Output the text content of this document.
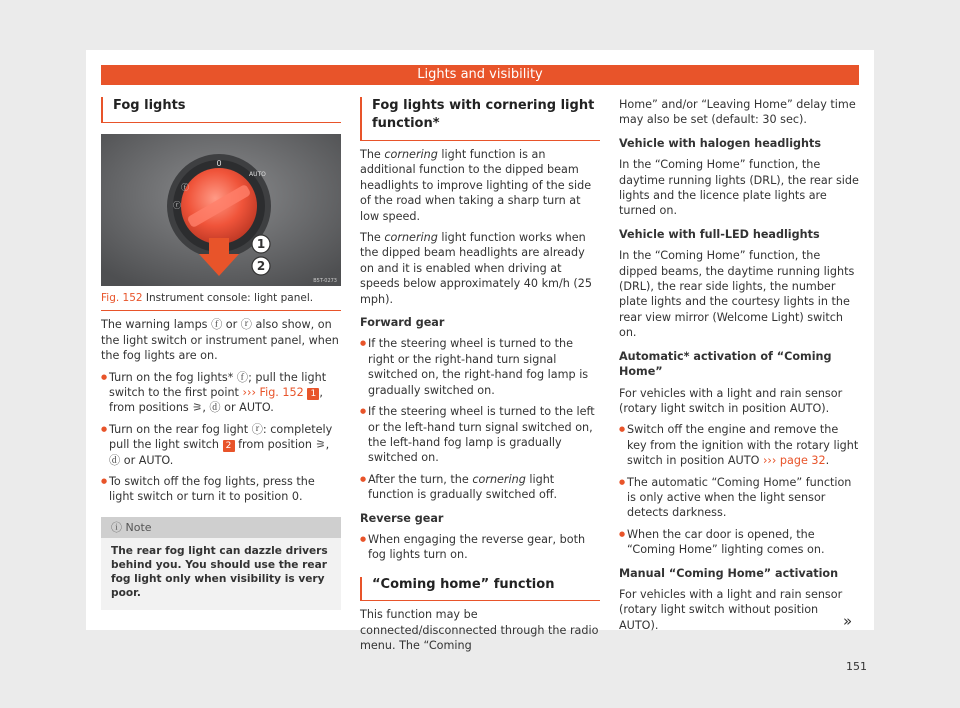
Lights and visibility
Fog lights
1
2
0
AUTO
ⓕ
ⓡ
B5T-0273
Fig. 152 Instrument console: light panel.

The warning lamps ⓕ or ⓡ also show, on the light switch or instrument panel, when the fog lights are on.

● Turn on the fog lights* ⓕ; pull the light switch to the first point ››› Fig. 152 1 , from positions ⚞, ⓓ or AUTO.
● Turn on the rear fog light ⓡ: completely pull the light switch 2 from position ⚞, ⓓ or AUTO.
● To switch off the fog lights, press the light switch or turn it to position 0.
ⓘ Note
The rear fog light can dazzle drivers behind you. You should use the rear fog light only when visibility is very poor.
Fog lights with cornering light function*

The cornering light function is an additional function to the dipped beam headlights to improve lighting of the side of the road when taking a sharp turn at low speed.

The cornering light function works when the dipped beam headlights are already on and it is enabled when driving at speeds below approximately 40 km/h (25 mph).

Forward gear
● If the steering wheel is turned to the right or the right-hand turn signal switched on, the right-hand fog lamp is gradually switched on.
● If the steering wheel is turned to the left or the left-hand turn signal switched on, the left-hand fog lamp is gradually switched on.
● After the turn, the cornering light function is gradually switched off.
Reverse gear
● When engaging the reverse gear, both fog lights turn on.
“Coming home” function

This function may be connected/disconnected through the radio menu. The “Coming

Home” and/or “Leaving Home” delay time may also be set (default: 30 sec).

Vehicle with halogen headlights

In the “Coming Home” function, the daytime running lights (DRL), the rear side lights and the licence plate lights are turned on.

Vehicle with full-LED headlights

In the “Coming Home” function, the dipped beams, the daytime running lights (DRL), the rear side lights, the number plate lights and the courtesy lights in the rear view mirror (Welcome Light) switch on.

Automatic* activation of “Coming Home”

For vehicles with a light and rain sensor (rotary light switch in position AUTO).

● Switch off the engine and remove the key from the ignition with the rotary light switch in position AUTO ››› page 32.
● The automatic “Coming Home” function is only active when the light sensor detects darkness.
● When the car door is opened, the “Coming Home” lighting comes on.
Manual “Coming Home” activation

For vehicles with a light and rain sensor (rotary light switch without position AUTO).	»
151
